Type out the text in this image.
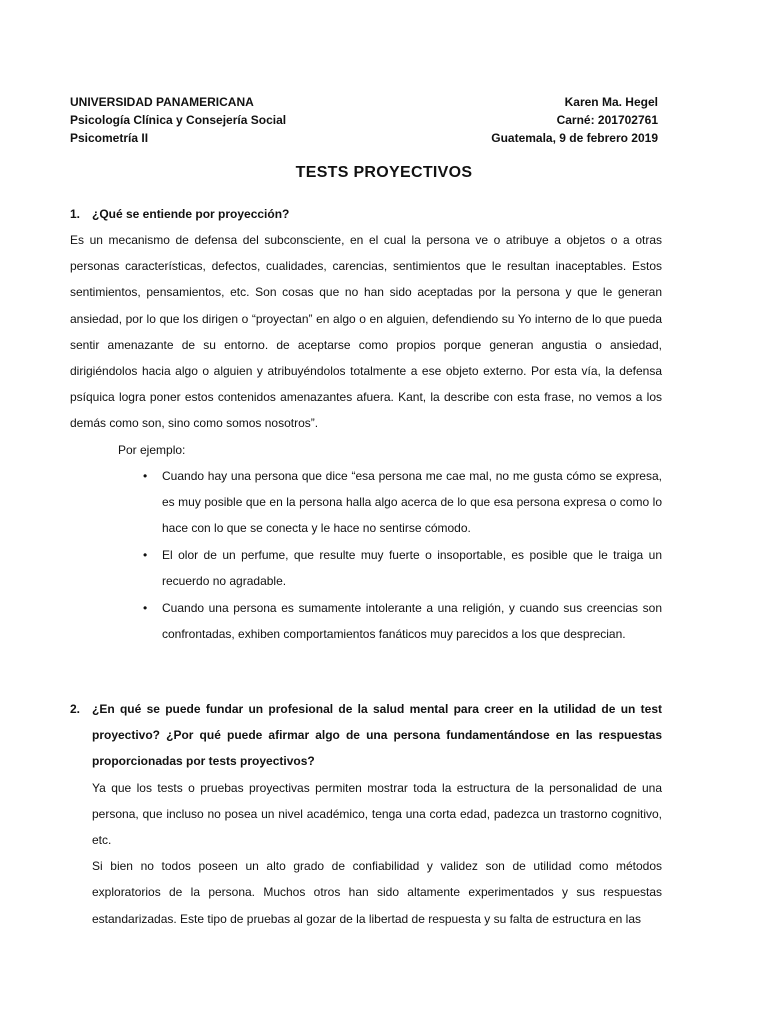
UNIVERSIDAD PANAMERICANA
Psicología Clínica y Consejería Social
Psicometría II
Karen Ma. Hegel
Carné: 201702761
Guatemala, 9 de febrero 2019
TESTS PROYECTIVOS
1. ¿Qué se entiende por proyección?
Es un mecanismo de defensa del subconsciente, en el cual la persona ve o atribuye a objetos o a otras personas características, defectos, cualidades, carencias, sentimientos que le resultan inaceptables. Estos sentimientos, pensamientos, etc. Son cosas que no han sido aceptadas por la persona y que le generan ansiedad, por lo que los dirigen o “proyectan” en algo o en alguien, defendiendo su Yo interno de lo que pueda sentir amenazante de su entorno. de aceptarse como propios porque generan angustia o ansiedad, dirigiéndolos hacia algo o alguien y atribuyéndolos totalmente a ese objeto externo. Por esta vía, la defensa psíquica logra poner estos contenidos amenazantes afuera. Kant, la describe con esta frase, no vemos a los demás como son, sino como somos nosotros”.
Por ejemplo:
• Cuando hay una persona que dice “esa persona me cae mal, no me gusta cómo se expresa, es muy posible que en la persona halla algo acerca de lo que esa persona expresa o como lo hace con lo que se conecta y le hace no sentirse cómodo.
• El olor de un perfume, que resulte muy fuerte o insoportable, es posible que le traiga un recuerdo no agradable.
• Cuando una persona es sumamente intolerante a una religión, y cuando sus creencias son confrontadas, exhiben comportamientos fanáticos muy parecidos a los que desprecian.
2. ¿En qué se puede fundar un profesional de la salud mental para creer en la utilidad de un test proyectivo? ¿Por qué puede afirmar algo de una persona fundamentándose en las respuestas proporcionadas por tests proyectivos?
Ya que los tests o pruebas proyectivas permiten mostrar toda la estructura de la personalidad de una persona, que incluso no posea un nivel académico, tenga una corta edad, padezca un trastorno cognitivo, etc.
Si bien no todos poseen un alto grado de confiabilidad y validez son de utilidad como métodos exploratorios de la persona. Muchos otros han sido altamente experimentados y sus respuestas estandarizadas. Este tipo de pruebas al gozar de la libertad de respuesta y su falta de estructura en las
